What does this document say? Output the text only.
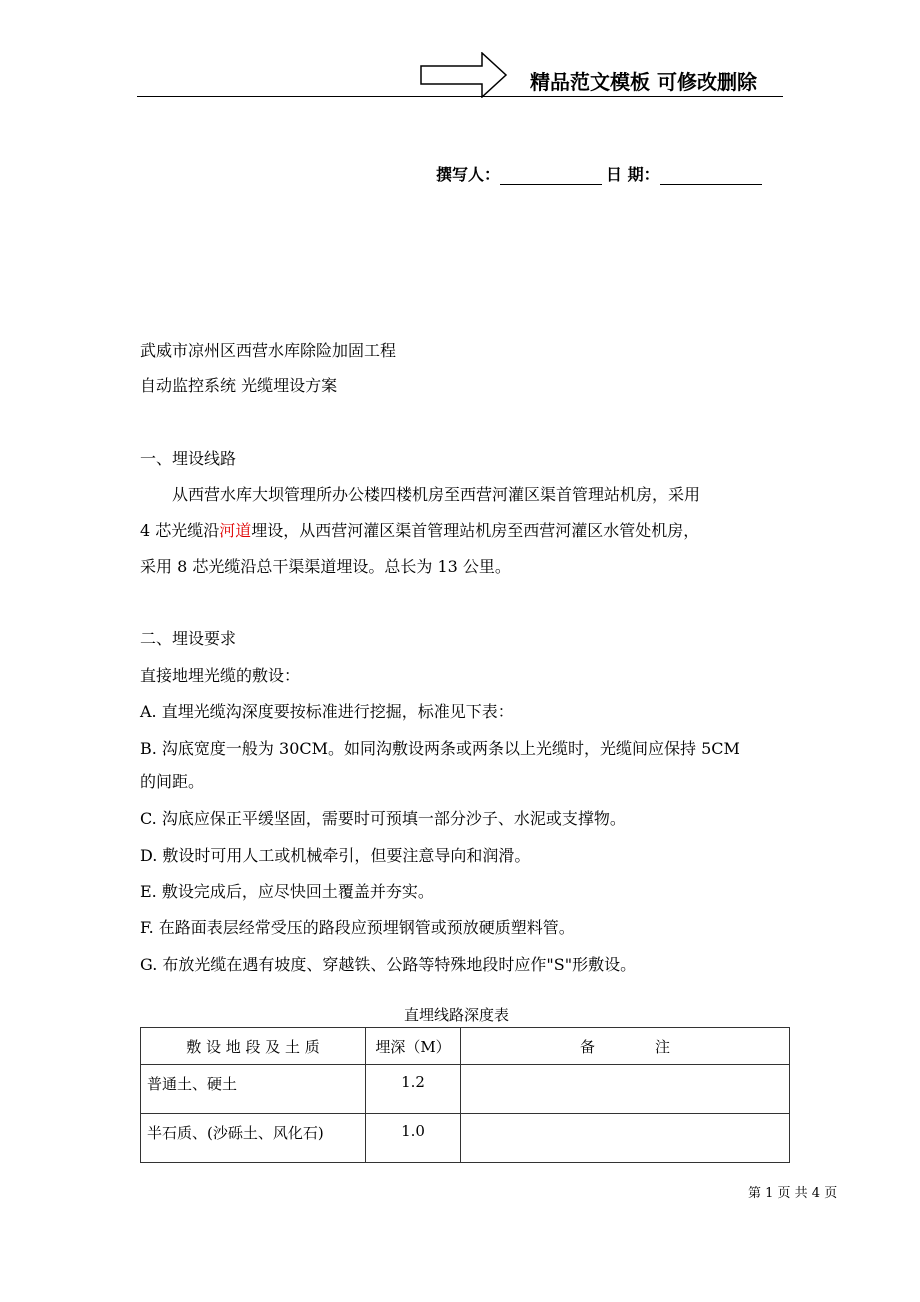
精品范文模板 可修改删除
撰写人：	日 期：
武威市凉州区西营水库除险加固工程
自动监控系统 光缆埋设方案
一、埋设线路
　　从西营水库大坝管理所办公楼四楼机房至西营河灌区渠首管理站机房，采用
4 芯光缆沿河道埋设，从西营河灌区渠首管理站机房至西营河灌区水管处机房，
采用 8 芯光缆沿总干渠渠道埋设。总长为 13 公里。
二、埋设要求
直接地埋光缆的敷设：
A. 直埋光缆沟深度要按标准进行挖掘，标准见下表：
B. 沟底宽度一般为 30CM。如同沟敷设两条或两条以上光缆时，光缆间应保持 5CM
的间距。
C. 沟底应保正平缓坚固，需要时可预填一部分沙子、水泥或支撑物。
D. 敷设时可用人工或机械牵引，但要注意导向和润滑。
E. 敷设完成后，应尽快回土覆盖并夯实。
F. 在路面表层经常受压的路段应预埋钢管或预放硬质塑料管。
G. 布放光缆在遇有坡度、穿越铁、公路等特殊地段时应作"S"形敷设。
直埋线路深度表
敷 设 地 段 及 土 质	埋深（M）	备　　　　注
普通土、硬土	1.2	
半石质、(沙砾土、风化石)	1.0	
第 1 页 共 4 页
